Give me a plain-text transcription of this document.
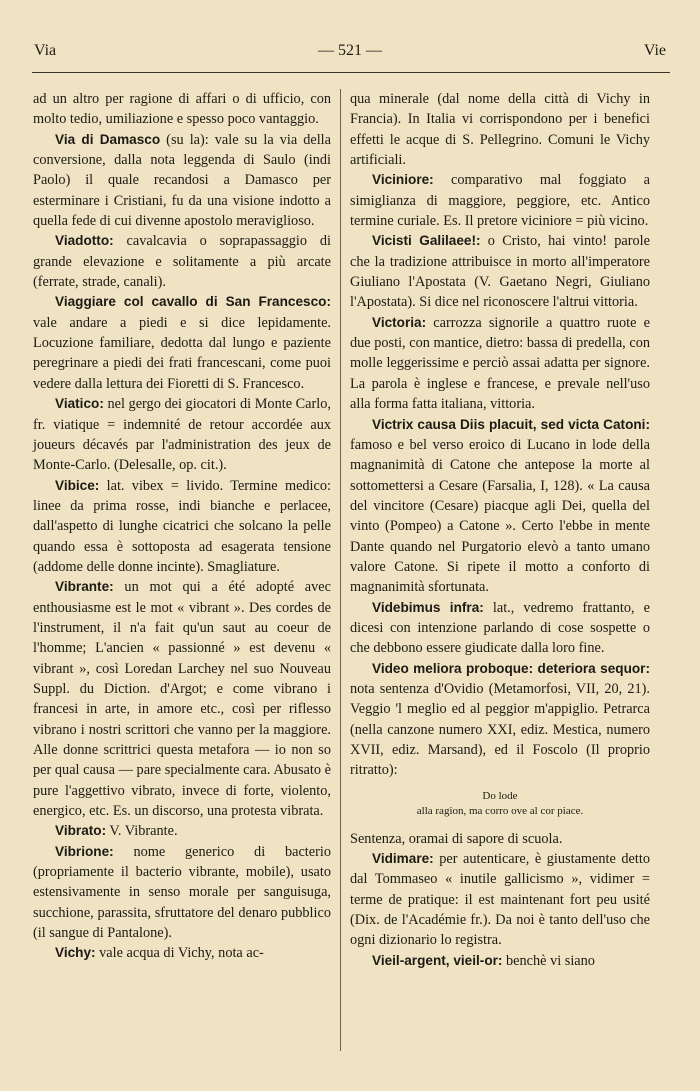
Via	— 521 —	Vie

ad un altro per ragione di affari o di ufficio, con molto tedio, umiliazione e spesso poco vantaggio.

Via di Damasco (su la): vale su la via della conversione, dalla nota leggenda di Saulo (indi Paolo) il quale recandosi a Damasco per esterminare i Cristiani, fu da una visione indotto a quella fede di cui divenne apostolo meraviglioso.

Viadotto: cavalcavia o soprapassaggio di grande elevazione e solitamente a più arcate (ferrate, strade, canali).

Viaggiare col cavallo di San Francesco: vale andare a piedi e si dice lepidamente. Locuzione familiare, dedotta dal lungo e paziente peregrinare a piedi dei frati francescani, come puoi vedere dalla lettura dei Fioretti di S. Francesco.

Viatico: nel gergo dei giocatori di Monte Carlo, fr. viatique = indemnité de retour accordée aux joueurs décavés par l'administration des jeux de Monte-Carlo. (Delesalle, op. cit.).

Vibice: lat. vibex = livido. Termine medico: linee da prima rosse, indi bianche e perlacee, dall'aspetto di lunghe cicatrici che solcano la pelle quando essa è sottoposta ad esagerata tensione (addome delle donne incinte). Smagliature.

Vibrante: un mot qui a été adopté avec enthousiasme est le mot « vibrant ». Des cordes de l'instrument, il n'a fait qu'un saut au coeur de l'homme; L'ancien « passionné » est devenu « vibrant », così Loredan Larchey nel suo Nouveau Suppl. du Diction. d'Argot; e come vibrano i francesi in arte, in amore etc., così per riflesso vibrano i nostri scrittori che vanno per la maggiore. Alle donne scrittrici questa metafora — io non so per qual causa — pare specialmente cara. Abusato è pure l'aggettivo vibrato, invece di forte, violento, energico, etc. Es. un discorso, una protesta vibrata.

Vibrato: V. Vibrante.

Vibrione: nome generico di bacterio (propriamente il bacterio vibrante, mobile), usato estensivamente in senso morale per sanguisuga, succhione, parassita, sfruttatore del denaro pubblico (il sangue di Pantalone).

Vichy: vale acqua di Vichy, nota ac-

qua minerale (dal nome della città di Vichy in Francia). In Italia vi corrispondono per i benefici effetti le acque di S. Pellegrino. Comuni le Vichy artificiali.

Viciniore: comparativo mal foggiato a simiglianza di maggiore, peggiore, etc. Antico termine curiale. Es. Il pretore viciniore = più vicino.

Vicisti Galilaee!: o Cristo, hai vinto! parole che la tradizione attribuisce in morto all'imperatore Giuliano l'Apostata (V. Gaetano Negri, Giuliano l'Apostata). Si dice nel riconoscere l'altrui vittoria.

Victoria: carrozza signorile a quattro ruote e due posti, con mantice, dietro: bassa di predella, con molle leggerissime e perciò assai adatta per signore. La parola è inglese e francese, e prevale nell'uso alla forma fatta italiana, vittoria.

Victrix causa Diis placuit, sed victa Catoni: famoso e bel verso eroico di Lucano in lode della magnanimità di Catone che antepose la morte al sottomettersi a Cesare (Farsalia, I, 128). « La causa del vincitore (Cesare) piacque agli Dei, quella del vinto (Pompeo) a Catone ». Certo l'ebbe in mente Dante quando nel Purgatorio elevò a tanto umano valore Catone. Si ripete il motto a conforto di magnanimità sfortunata.

Videbimus infra: lat., vedremo frattanto, e dicesi con intenzione parlando di cose sospette o che debbono essere giudicate dalla loro fine.

Video meliora proboque: deteriora sequor: nota sentenza d'Ovidio (Metamorfosi, VII, 20, 21). Veggio 'l meglio ed al peggior m'appiglio. Petrarca (nella canzone numero XXI, ediz. Mestica, numero XVII, ediz. Marsand), ed il Foscolo (Il proprio ritratto):

Do lode
alla ragion, ma corro ove al cor piace.

Sentenza, oramai di sapore di scuola.

Vidimare: per autenticare, è giustamente detto dal Tommaseo « inutile gallicismo », vidimer = terme de pratique: il est maintenant fort peu usité (Dix. de l'Académie fr.). Da noi è tanto dell'uso che ogni dizionario lo registra.

Vieil-argent, vieil-or: benchè vi siano
